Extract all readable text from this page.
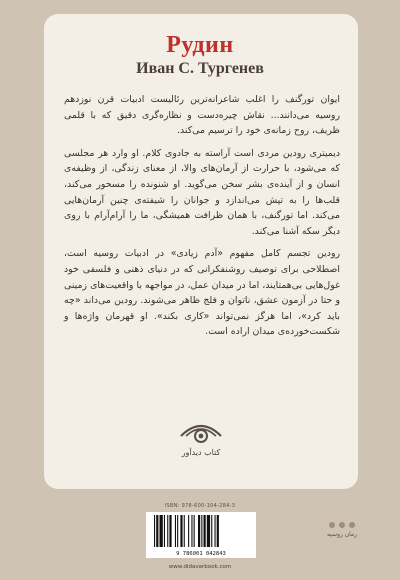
Рудин
Иван С. Тургенев

ایوان تورگنف را اغلب شاعرانه‌ترین رئالیست ادبیات قرن نوزدهم روسیه می‌دانند... نقاش چیره‌دست و نظاره‌گری دقیق که با قلمی ظریف، روح زمانه‌ی خود را ترسیم می‌کند.

دیمیتری رودین مردی است آراسته به جادوی کلام. او وارد هر مجلسی که می‌شود، با حرارت از آرمان‌های والا، از معنای زندگی، از وظیفه‌ی انسان و از آینده‌ی بشر سخن می‌گوید. او شنونده را مسحور می‌کند، قلب‌ها را به تپش می‌اندازد و جوانان را شیفته‌ی چنین آرمان‌هایی می‌کند. اما تورگنف، با همان ظرافت همیشگی، ما را آرام‌آرام با روی دیگر سکه آشنا می‌کند.

رودین تجسم کامل مفهوم «آدم زیادی» در ادبیات روسیه است، اصطلاحی برای توصیف روشنفکرانی که در دنیای ذهنی و فلسفی خود غول‌هایی بی‌همتایند، اما در میدان عمل، در مواجهه با واقعیت‌های زمینی و حتا در آزمون عشق، ناتوان و فلج ظاهر می‌شوند. رودین می‌داند «چه باید کرد»، اما هرگز نمی‌تواند «کاری بکند». او قهرمان واژه‌ها و شکست‌خورده‌ی میدان اراده است.

کتاب دیدآور
ISBN: 978-600-104-284-3
9 786001 042843
www.didavarbook.com
رمان روسیه
